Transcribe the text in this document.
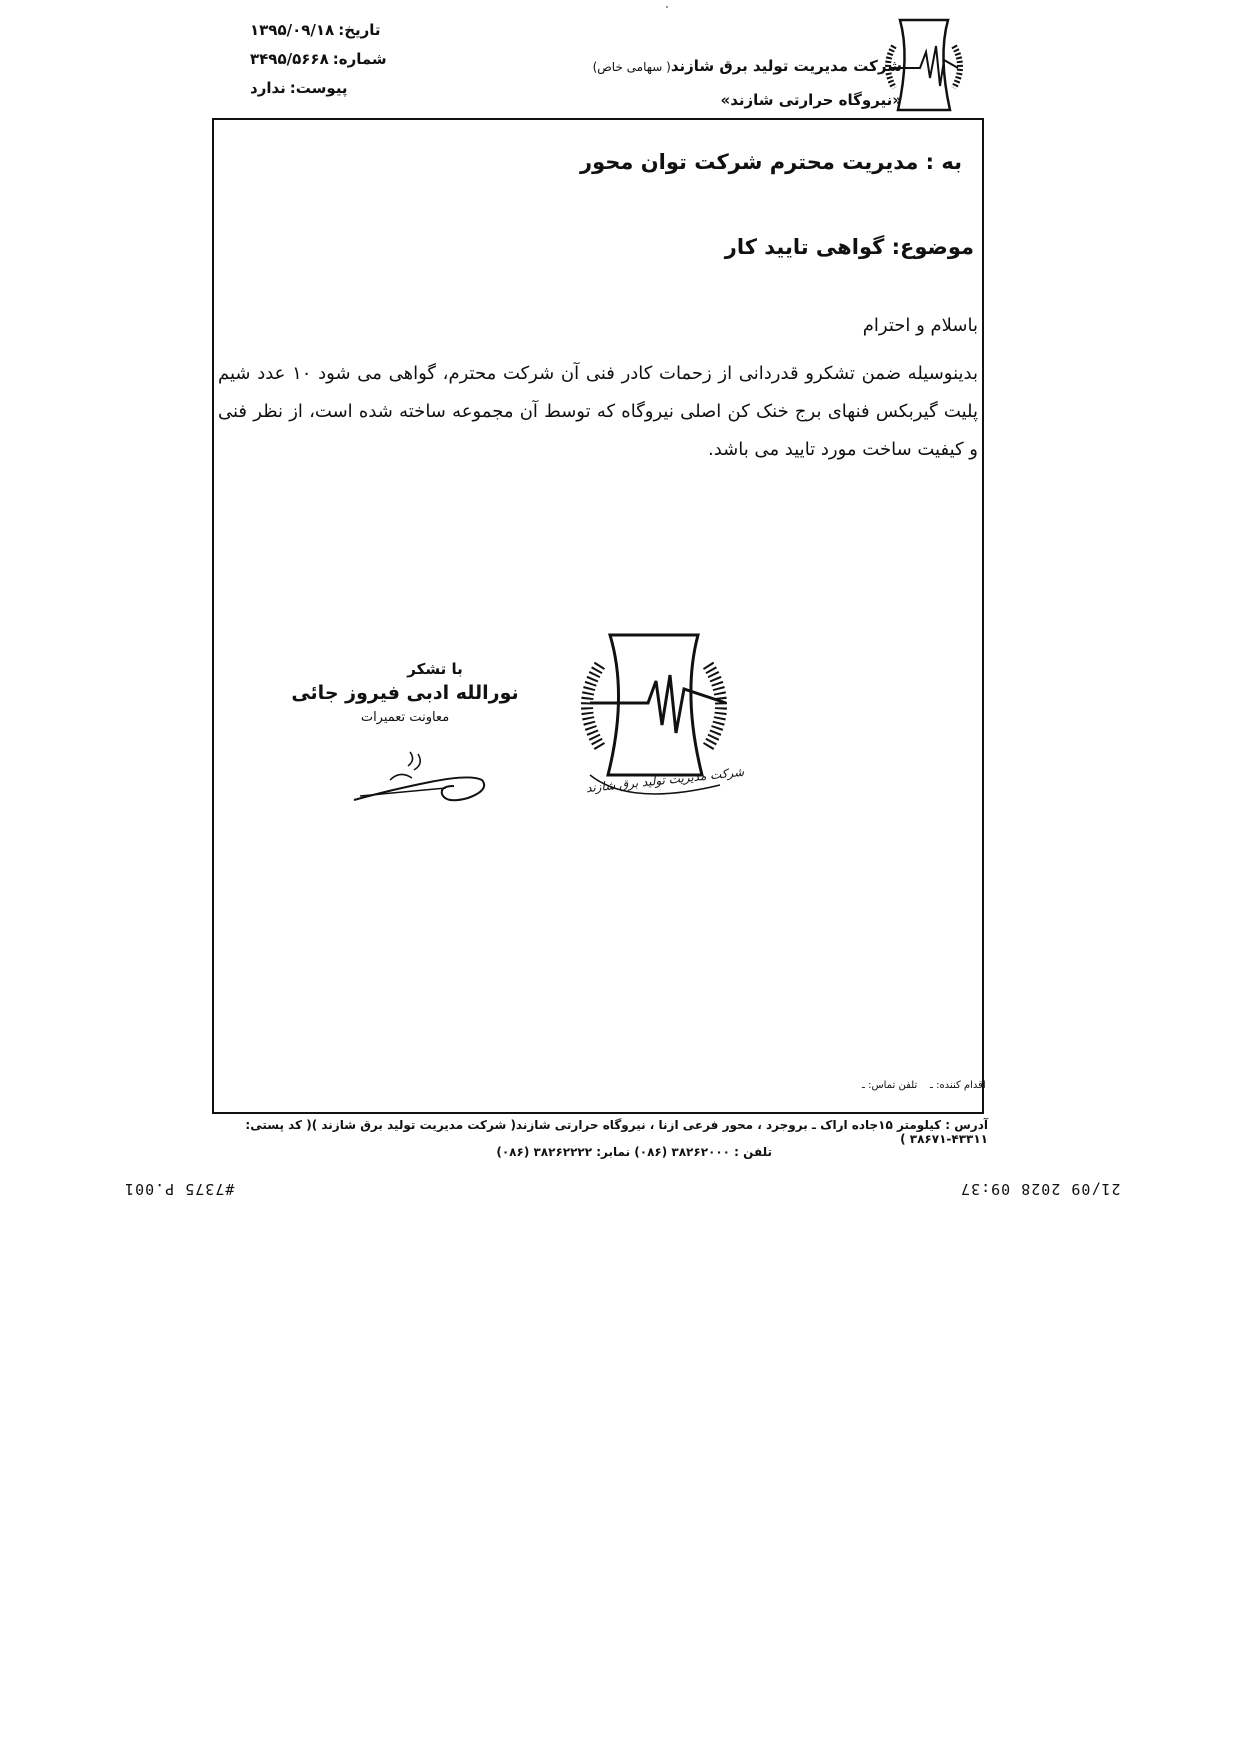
تاریخ:
۱۳۹۵/۰۹/۱۸
شماره:
۳۴۹۵/۵۶۶۸
پیوست:
ندارد
شرکت مدیریت تولید برق شازند( سهامی خاص)
«نیروگاه حرارتی شازند»
به : مدیریت محترم شرکت توان محور
موضوع: گواهی تایید کار
باسلام و احترام
بدینوسیله ضمن تشکرو قدردانی از زحمات کادر فنی آن شرکت محترم، گواهی می شود ۱۰ عدد شیم پلیت گیربکس فنهای برج خنک کن اصلی نیروگاه که توسط آن مجموعه ساخته شده است، از نظر فنی و کیفیت ساخت مورد تایید می باشد.
با تشکر
نورالله ادبی فیروز جائی
معاونت تعمیرات
شرکت مدیریت تولید برق شازند
اقدام کننده: ـ    تلفن تماس: ـ
آدرس : کیلومتر ۱۵جاده اراک ـ بروجرد ، محور فرعی ازنا ، نیروگاه حرارتی شازند( شرکت مدیریت تولید برق شازند )( کد پستی: ۴۳۳۱۱-۳۸۶۷۱ )
تلفن : ۳۸۲۶۲۰۰۰ (۰۸۶) نمابر: ۳۸۲۶۲۲۲۲ (۰۸۶)
#7375 P.001	21/09 2028 09:37
